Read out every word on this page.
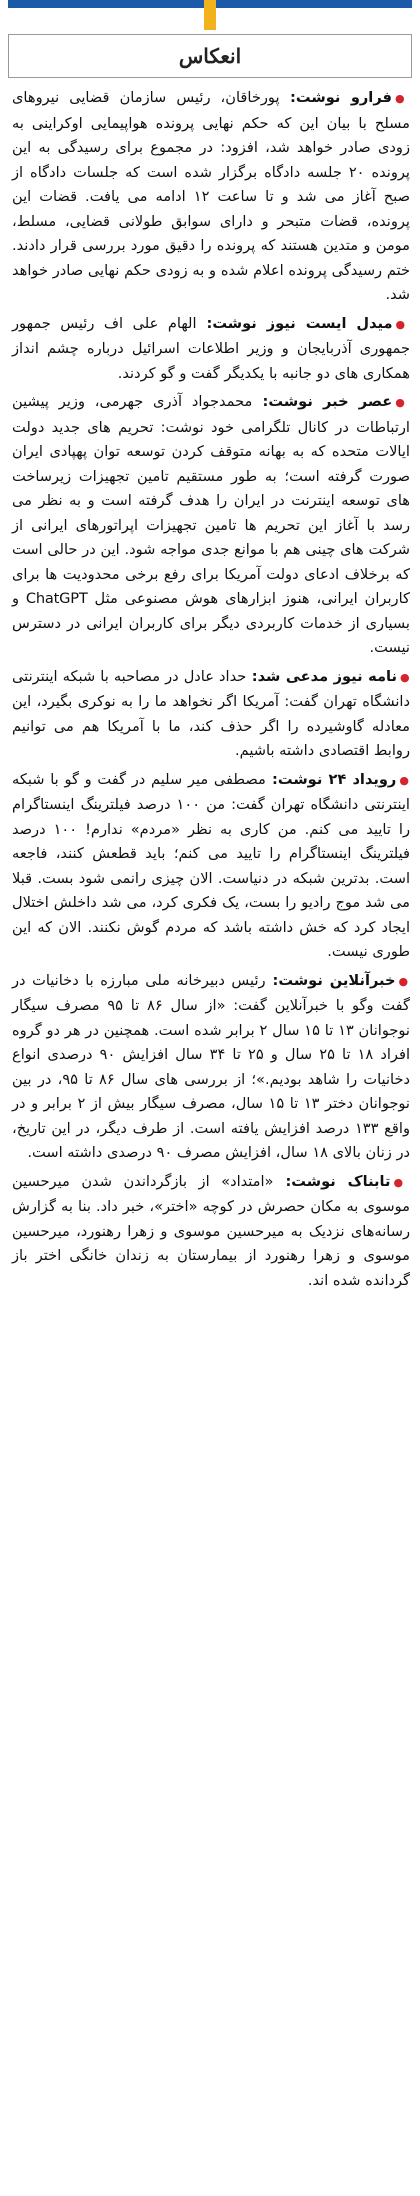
انعکاس

● فرارو نوشت: پورخاقان، رئیس سازمان قضایی نیروهای مسلح با بیان این که حکم نهایی پرونده هواپیمایی اوکراینی به زودی صادر خواهد شد، افزود: در مجموع برای رسیدگی به این پرونده ۲۰ جلسه دادگاه برگزار شده است که جلسات دادگاه از صبح آغاز می شد و تا ساعت ۱۲ ادامه می یافت. قضات این پرونده، قضات متبحر و دارای سوابق طولانی قضایی، مسلط، مومن و متدین هستند که پرونده را دقیق مورد بررسی قرار دادند. ختم رسیدگی پرونده اعلام شده و به زودی حکم نهایی صادر خواهد شد.

● میدل ایست نیوز نوشت: الهام علی اف رئیس جمهور جمهوری آذربایجان و وزیر اطلاعات اسرائیل درباره چشم انداز همکاری های دو جانبه با یکدیگر گفت و گو کردند.

● عصر خبر نوشت: محمدجواد آذری جهرمی، وزیر پیشین ارتباطات در کانال تلگرامی خود نوشت: تحریم های جدید دولت ایالات متحده که به بهانه متوقف کردن توسعه توان پهپادی ایران صورت گرفته است؛ به طور مستقیم تامین تجهیزات زیرساخت های توسعه اینترنت در ایران را هدف گرفته است و به نظر می رسد با آغاز این تحریم ها تامین تجهیزات اپراتورهای ایرانی از شرکت های چینی هم با موانع جدی مواجه شود. این در حالی است که برخلاف ادعای دولت آمریکا برای رفع برخی محدودیت ها برای کاربران ایرانی، هنوز ابزارهای هوش مصنوعی مثل ChatGPT و بسیاری از خدمات کاربردی دیگر برای کاربران ایرانی در دسترس نیست.

● نامه نیوز مدعی شد: حداد عادل در مصاحبه با شبکه اینترنتی دانشگاه تهران گفت: آمریکا اگر نخواهد ما را به نوکری بگیرد، این معادله گاوشیرده را اگر حذف کند، ما با آمریکا هم می توانیم روابط اقتصادی داشته باشیم.

● رویداد ۲۴ نوشت: مصطفی میر سلیم در گفت و گو با شبکه اینترنتی دانشگاه تهران گفت: من ۱۰۰ درصد فیلترینگ اینستاگرام را تایید می کنم. من کاری به نظر «مردم» ندارم! ۱۰۰ درصد فیلترینگ اینستاگرام را تایید می کنم؛ باید قطعش کنند، فاجعه است. بدترین شبکه در دنیاست. الان چیزی رانمی شود بست. قبلا می شد موج رادیو را بست، یک فکری کرد، می شد داخلش اختلال ایجاد کرد که خش داشته باشد که مردم گوش نکنند. الان که این طوری نیست.

● خبرآنلاین نوشت: رئیس دبیرخانه ملی مبارزه با دخانیات در گفت وگو با خبرآنلاین گفت: «از سال ۸۶ تا ۹۵ مصرف سیگار نوجوانان ۱۳ تا ۱۵ سال ۲ برابر شده است. همچنین در هر دو گروه افراد ۱۸ تا ۲۵ سال و ۲۵ تا ۳۴ سال افزایش ۹۰ درصدی انواع دخانیات را شاهد بودیم.»؛ از بررسی های سال ۸۶ تا ۹۵، در بین نوجوانان دختر ۱۳ تا ۱۵ سال، مصرف سیگار بیش از ۲ برابر و در واقع ۱۳۳ درصد افزایش یافته است. از طرف دیگر، در این تاریخ، در زنان بالای ۱۸ سال، افزایش مصرف ۹۰ درصدی داشته است.

● تابناک نوشت: «امتداد» از بازگرداندن شدن میرحسین موسوی به مکان حصرش در کوچه «اختر»، خبر داد. بنا به گزارش رسانه‌های نزدیک به میرحسین موسوی و زهرا رهنورد، میرحسین موسوی و زهرا رهنورد از بیمارستان به زندان خانگی اختر باز گردانده شده اند.
